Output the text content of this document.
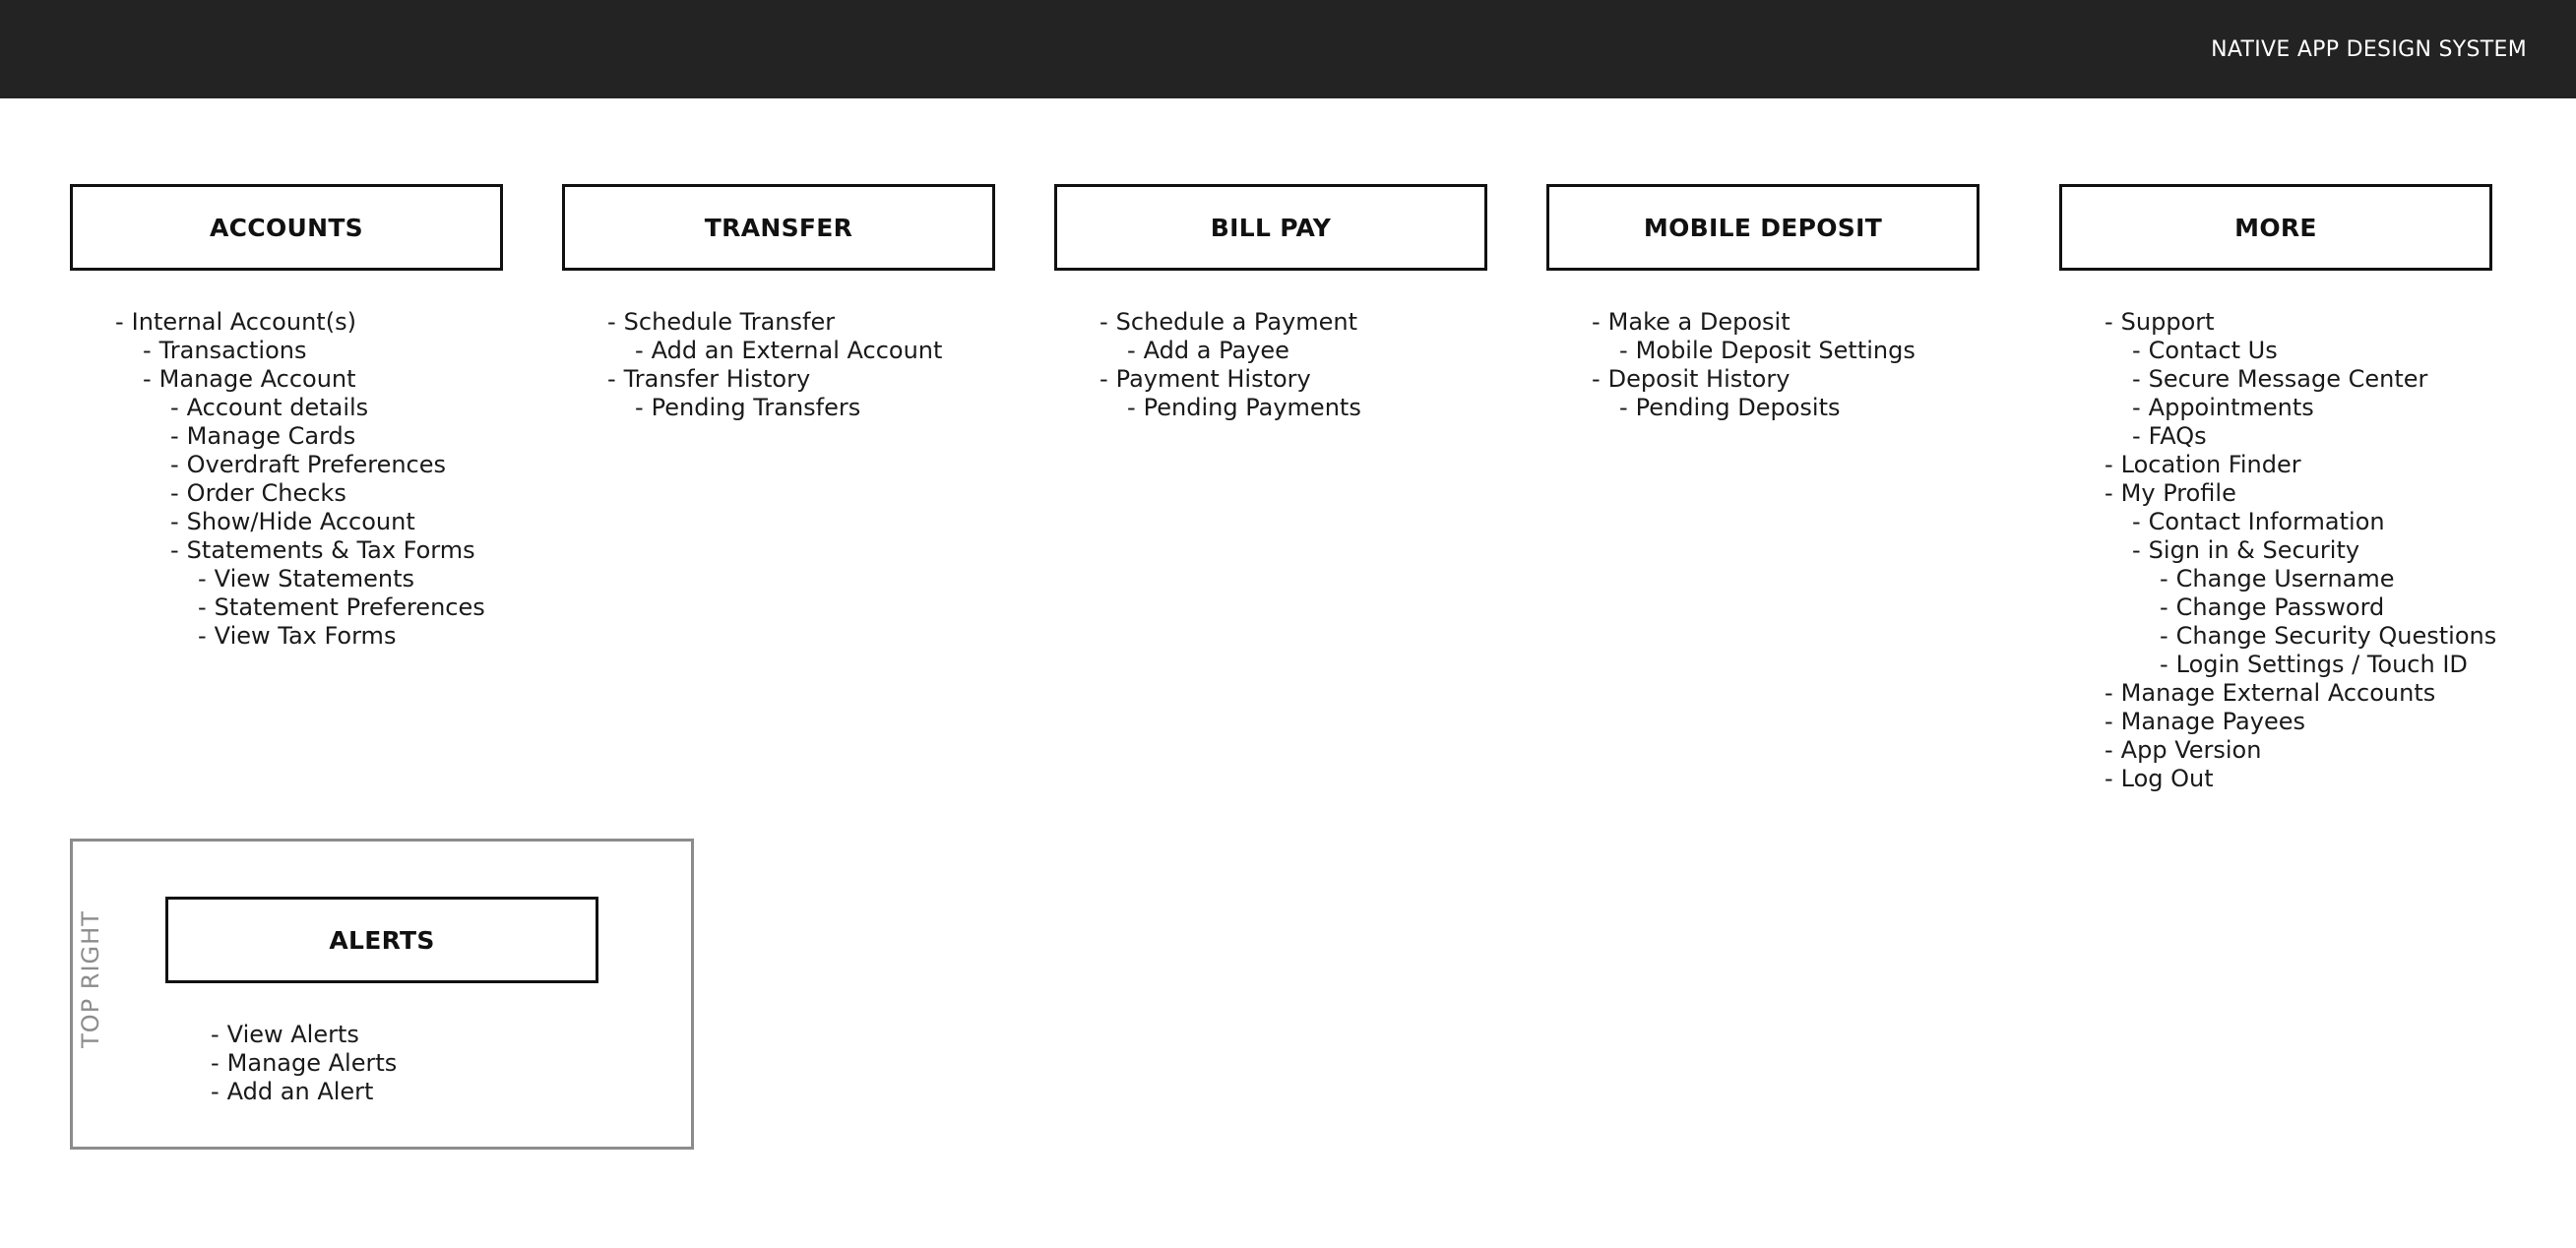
NATIVE APP DESIGN SYSTEM
ACCOUNTS
- Internal Account(s)
- Transactions
- Manage Account
- Account details
- Manage Cards
- Overdraft Preferences
- Order Checks
- Show/Hide Account
- Statements & Tax Forms
- View Statements
- Statement Preferences
- View Tax Forms
TRANSFER
- Schedule Transfer
- Add an External Account
- Transfer History
- Pending Transfers
BILL PAY
- Schedule a Payment
- Add a Payee
- Payment History
- Pending Payments
MOBILE DEPOSIT
- Make a Deposit
- Mobile Deposit Settings
- Deposit History
- Pending Deposits
MORE
- Support
- Contact Us
- Secure Message Center
- Appointments
- FAQs
- Location Finder
- My Profile
- Contact Information
- Sign in & Security
- Change Username
- Change Password
- Change Security Questions
- Login Settings / Touch ID
- Manage External Accounts
- Manage Payees
- App Version
- Log Out
TOP RIGHT	ALERTS
- View Alerts
- Manage Alerts
- Add an Alert
